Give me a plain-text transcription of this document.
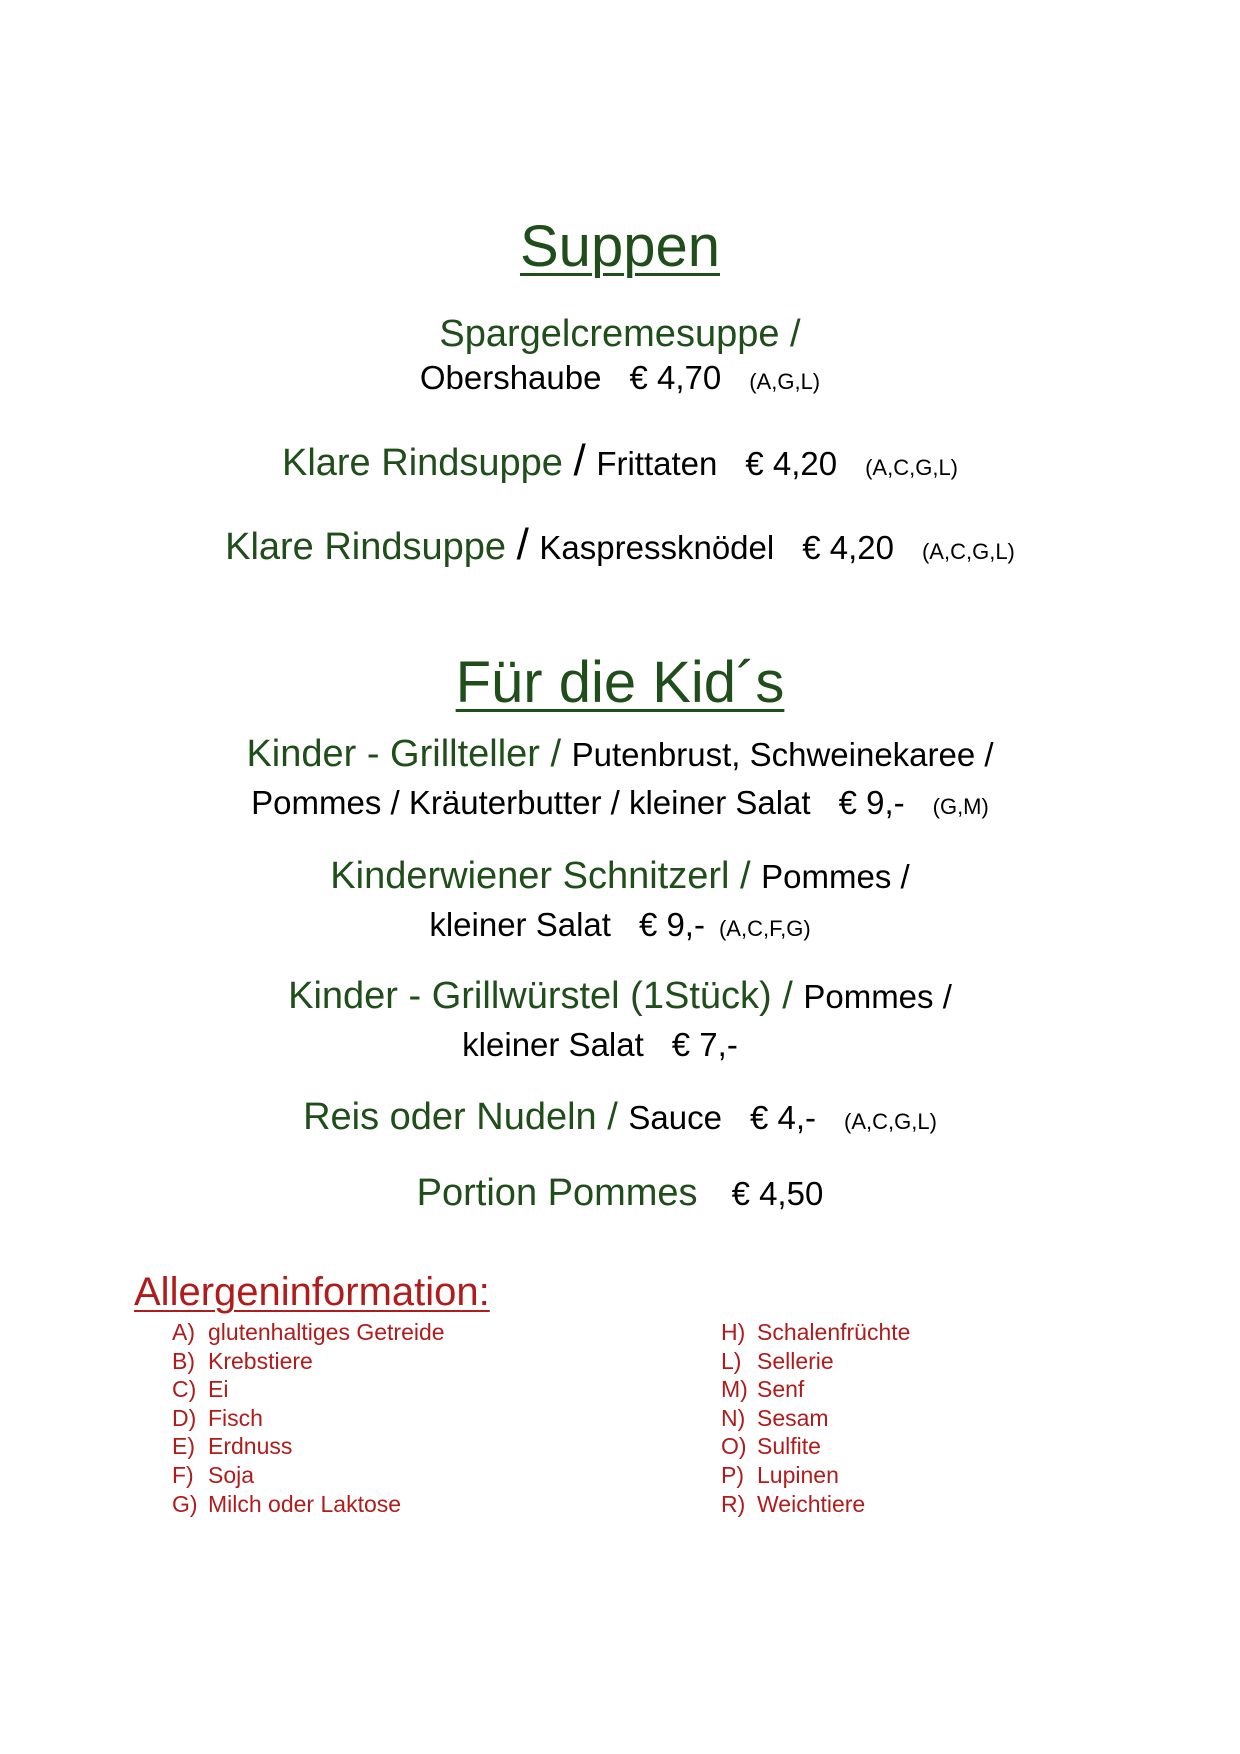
Suppen
Spargelcremesuppe /
Obershaube € 4,70 (A,G,L)
Klare Rindsuppe / Frittaten € 4,20 (A,C,G,L)
Klare Rindsuppe / Kaspressknödel € 4,20 (A,C,G,L)
Für die Kid´s
Kinder - Grillteller / Putenbrust, Schweinekaree /
Pommes / Kräuterbutter / kleiner Salat € 9,- (G,M)
Kinderwiener Schnitzerl / Pommes /
kleiner Salat € 9,- (A,C,F,G)
Kinder - Grillwürstel (1Stück) / Pommes /
kleiner Salat € 7,-
Reis oder Nudeln / Sauce € 4,- (A,C,G,L)
Portion Pommes € 4,50
Allergeninformation:
A) glutenhaltiges Getreide
B) Krebstiere
C) Ei
D) Fisch
E) Erdnuss
F) Soja
G) Milch oder Laktose
H) Schalenfrüchte
L) Sellerie
M) Senf
N) Sesam
O) Sulfite
P) Lupinen
R) Weichtiere
